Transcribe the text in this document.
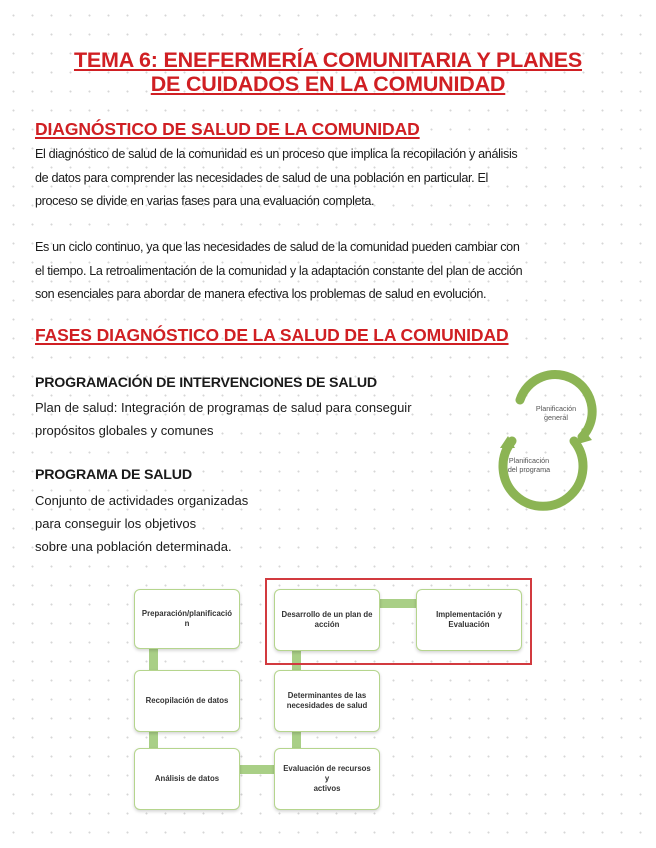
TEMA 6: ENEFERMERÍA COMUNITARIA Y PLANES
DE CUIDADOS EN LA COMUNIDAD
DIAGNÓSTICO DE SALUD DE LA COMUNIDAD
El diagnóstico de salud de la comunidad es un proceso que implica la recopilación y análisis
de datos para comprender las necesidades de salud de una población en particular. El
proceso se divide en varias fases para una evaluación completa.
Es un ciclo continuo, ya que las necesidades de salud de la comunidad pueden cambiar con
el tiempo. La retroalimentación de la comunidad y la adaptación constante del plan de acción
son esenciales para abordar de manera efectiva los problemas de salud en evolución.
FASES DIAGNÓSTICO DE LA SALUD DE LA COMUNIDAD
PROGRAMACIÓN DE INTERVENCIONES DE SALUD
Plan de salud: Integración de programas de salud para conseguir
propósitos globales y comunes
PROGRAMA DE SALUD
Conjunto de actividades organizadas
para conseguir los objetivos
sobre una población determinada.
Planificación
general
Planificación
del programa
Preparación/planificació
n
Recopilación de datos
Análisis de datos
Evaluación de recursos y
activos
Determinantes de las
necesidades de salud
Desarrollo de un plan de
acción
Implementación y
Evaluación
